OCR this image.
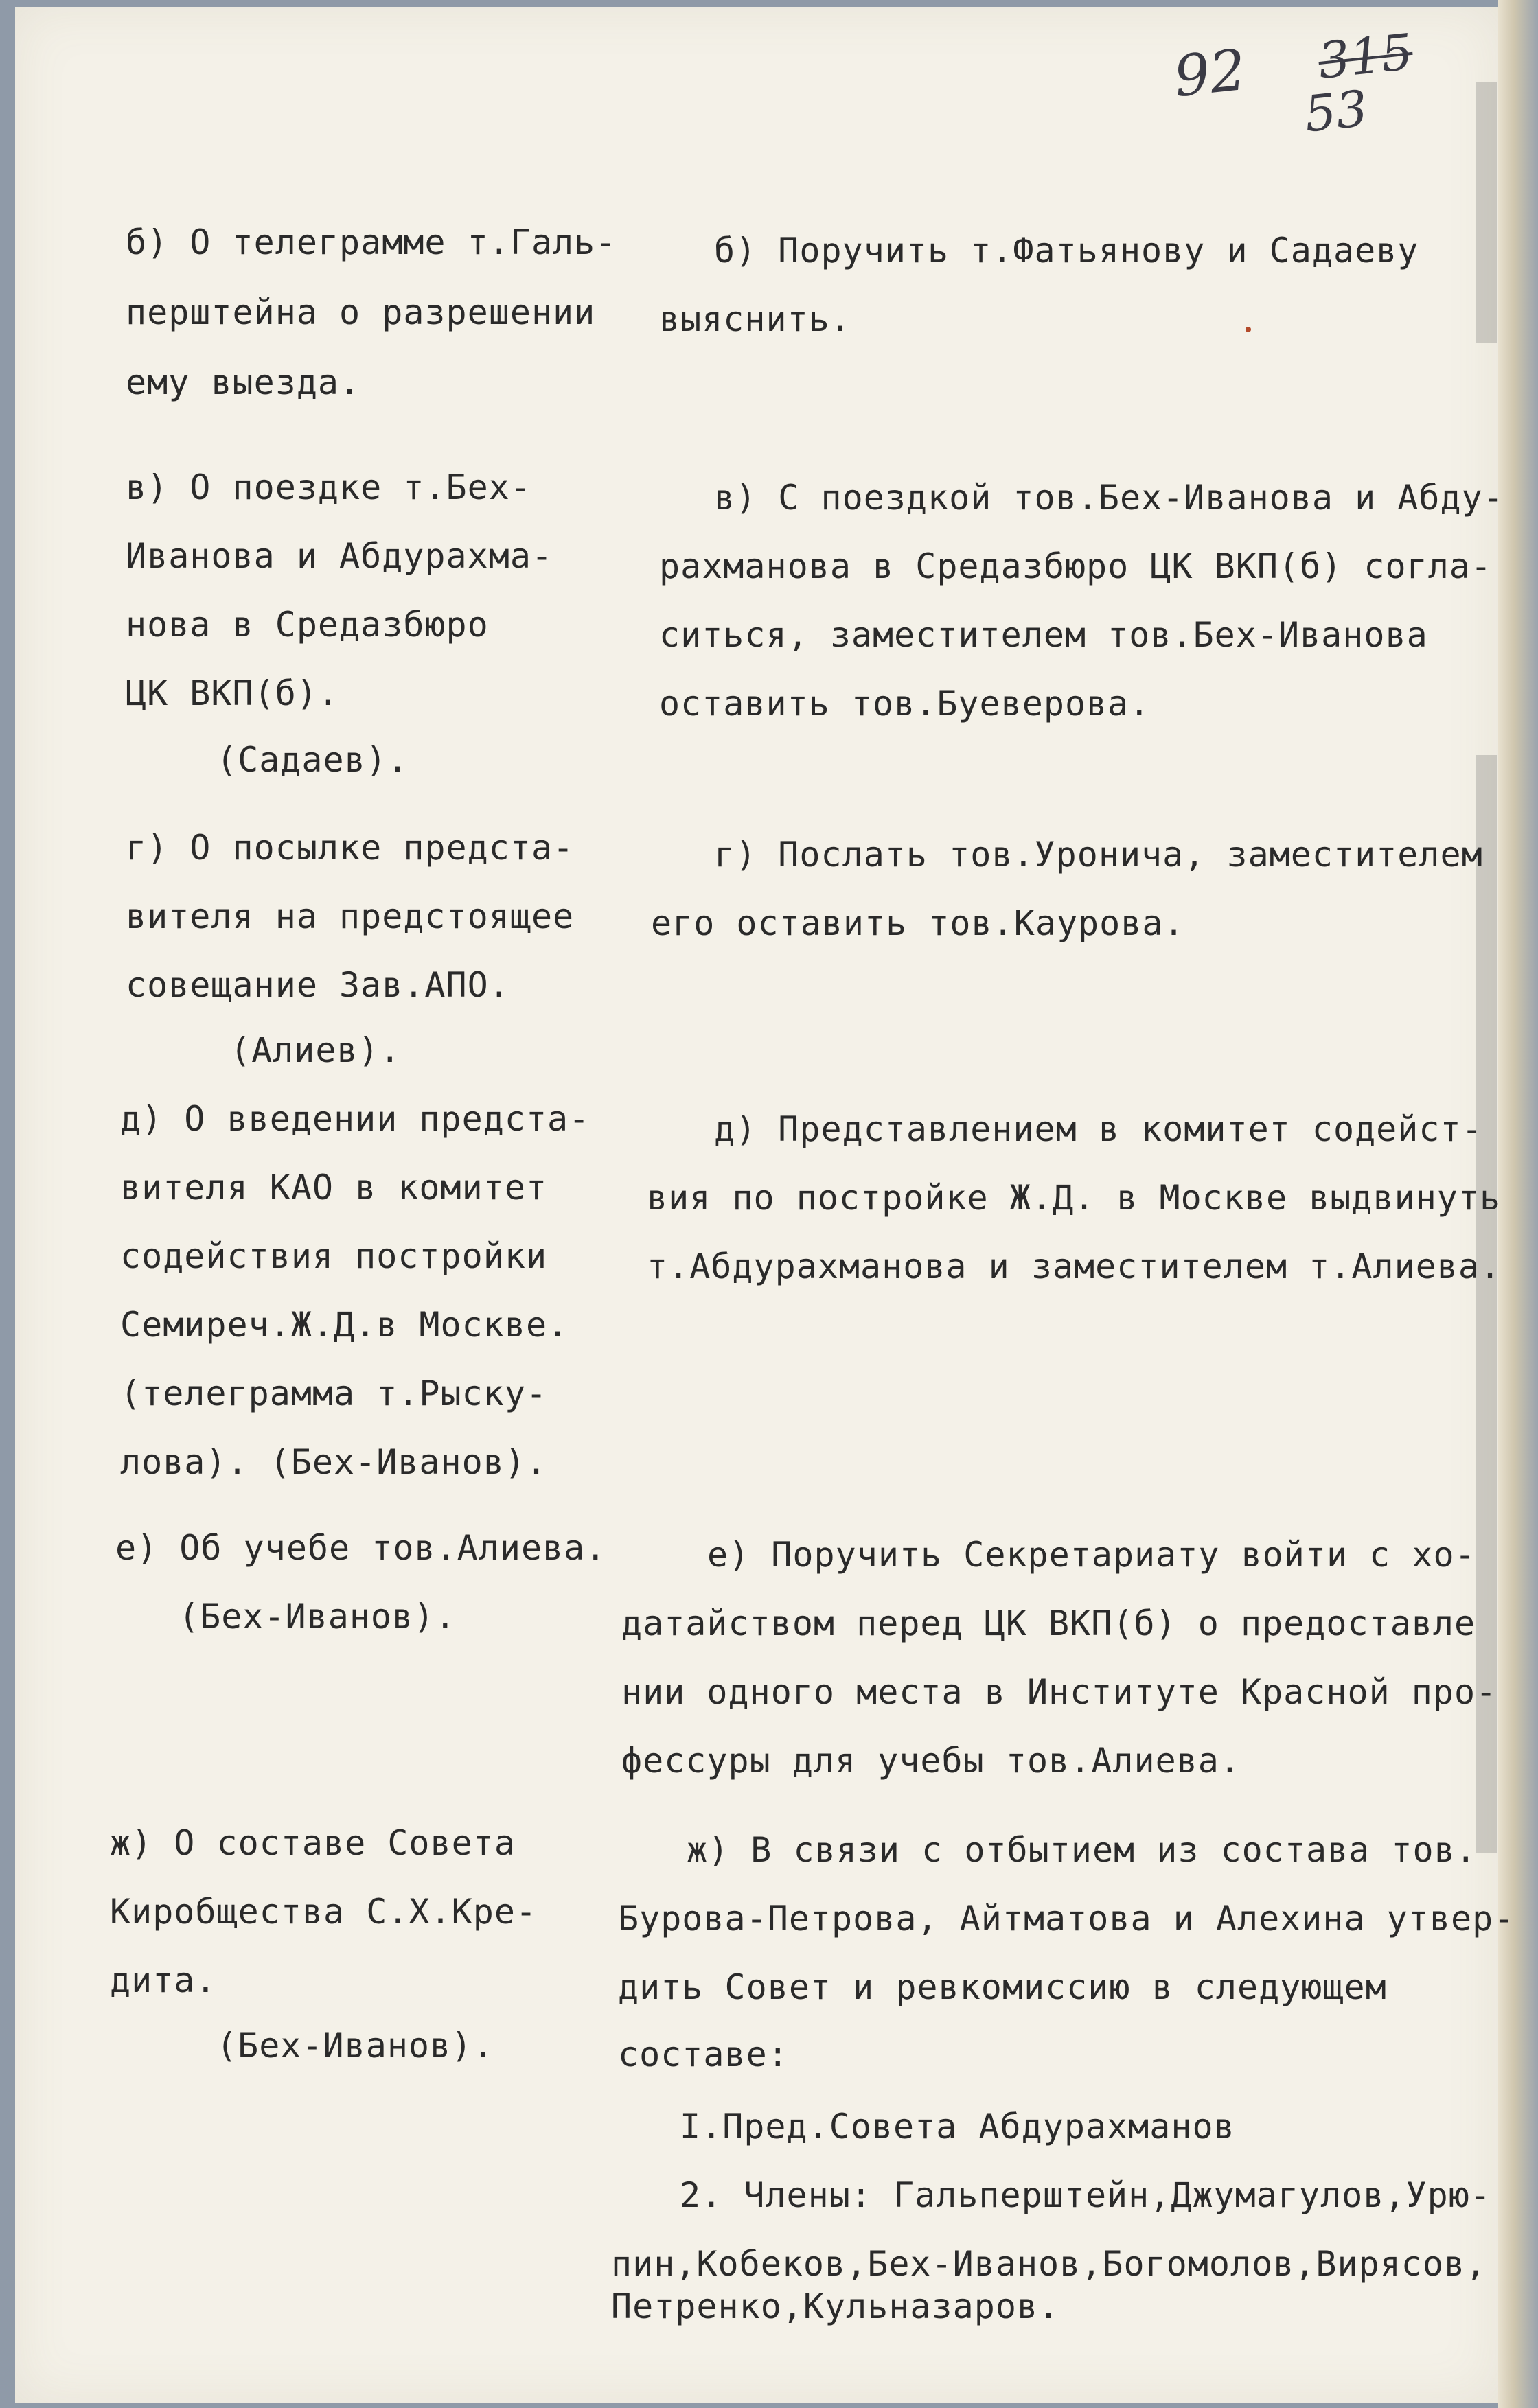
92 315
53
б) О телеграмме т.Галь-
перштейна о разрешении
ему выезда.
б) Поручить т.Фатьянову и Садаеву
выяснить.
в) О поездке т.Бех-
Иванова и Абдурахма-
нова в Средазбюро
ЦК ВКП(б).
(Садаев).
в) С поездкой тов.Бех-Иванова и Абду-
рахманова в Средазбюро ЦК ВКП(б) согла-
ситься, заместителем тов.Бех-Иванова
оставить тов.Буеверова.
г) О посылке предста-
вителя на предстоящее
совещание Зав.АПО.
(Алиев).
г) Послать тов.Уронича, заместителем
его оставить тов.Каурова.
д) О введении предста-
вителя КАО в комитет
содействия постройки
Семиреч.Ж.Д.в Москве.
(телеграмма т.Рыску-
лова). (Бех-Иванов).
д) Представлением в комитет содейст-
вия по постройке Ж.Д. в Москве выдвинуть
т.Абдурахманова и заместителем т.Алиева.
е) Об учебе тов.Алиева.
(Бех-Иванов).
е) Поручить Секретариату войти с хо-
датайством перед ЦК ВКП(б) о предоставле
нии одного места в Институте Красной про-
фессуры для учебы тов.Алиева.
ж) О составе Совета
Киробщества С.Х.Кре-
дита.
(Бех-Иванов).
ж) В связи с отбытием из состава тов.
Бурова-Петрова, Айтматова и Алехина утвер-
дить Совет и ревкомиссию в следующем
составе:
I.Пред.Совета Абдурахманов
2. Члены: Гальперштейн,Джумагулов,Урю-
пин,Кобеков,Бех-Иванов,Богомолов,Вирясов,
Петренко,Кульназаров.
